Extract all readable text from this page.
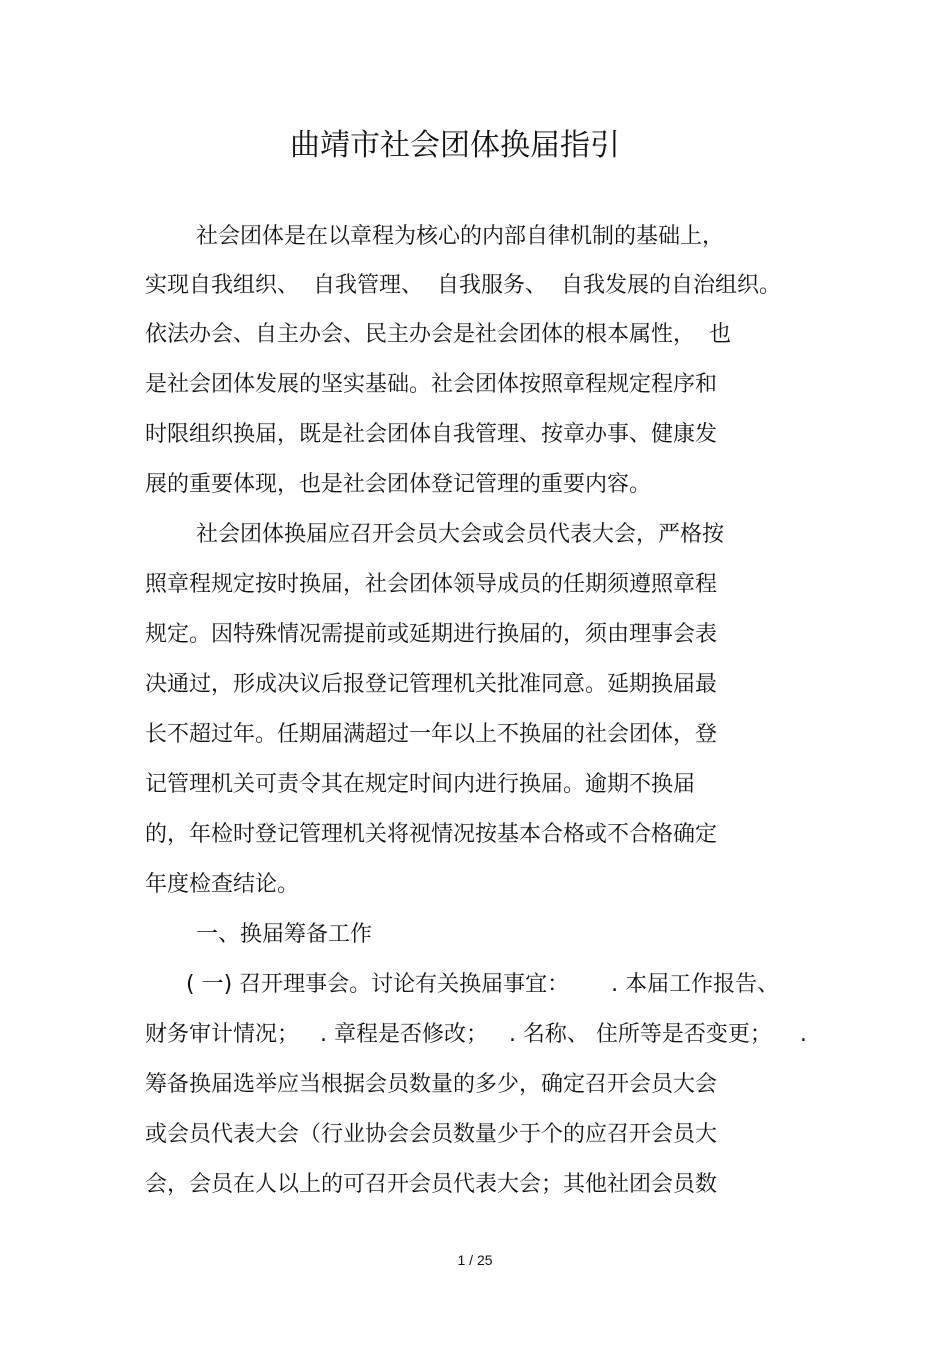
曲靖市社会团体换届指引
社会团体是在以章程为核心的内部自律机制的基础上，
实现自我组织、  自我管理、  自我服务、  自我发展的自治组织。
依法办会、自主办会、民主办会是社会团体的根本属性，  也
是社会团体发展的坚实基础。社会团体按照章程规定程序和
时限组织换届，既是社会团体自我管理、按章办事、健康发
展的重要体现，也是社会团体登记管理的重要内容。
社会团体换届应召开会员大会或会员代表大会，严格按
照章程规定按时换届，社会团体领导成员的任期须遵照章程
规定。因特殊情况需提前或延期进行换届的，须由理事会表
决通过，形成决议后报登记管理机关批准同意。延期换届最
长不超过年。任期届满超过一年以上不换届的社会团体，登
记管理机关可责令其在规定时间内进行换届。逾期不换届
的，年检时登记管理机关将视情况按基本合格或不合格确定
年度检查结论。
一、换届筹备工作
( 一) 召开理事会。讨论有关换届事宜：      . 本届工作报告、
财务审计情况；   . 章程是否修改；   . 名称、 住所等是否变更；    .
筹备换届选举应当根据会员数量的多少，确定召开会员大会
或会员代表大会（行业协会会员数量少于个的应召开会员大
会，会员在人以上的可召开会员代表大会；其他社团会员数
1 / 25
